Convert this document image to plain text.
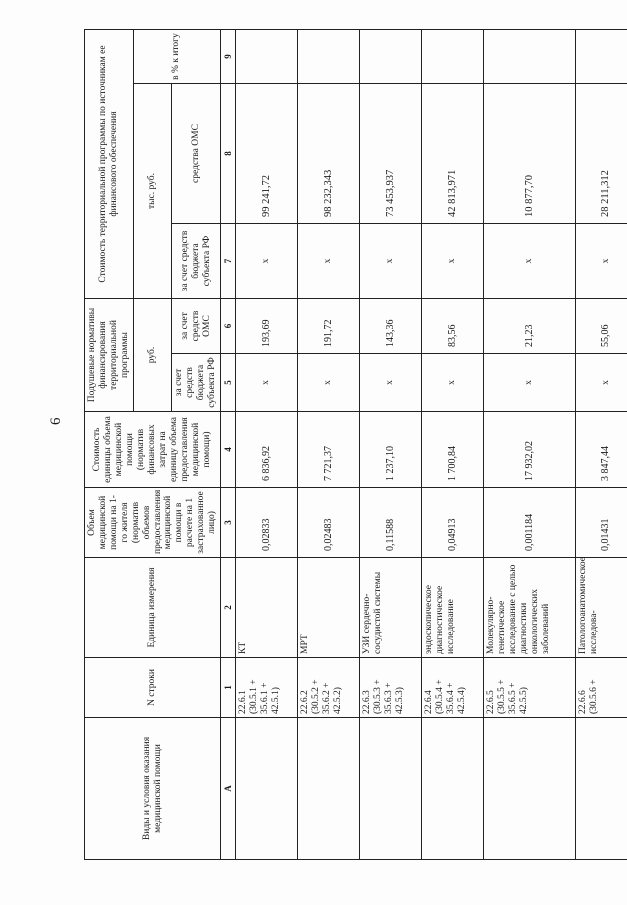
6
Виды и условия оказания медицинской помощи	N строки	Единица измерения	Объем медицинской помощи на 1-го жителя (норматив объемов предоставления медицинской помощи в расчете на 1 застрахованное лицо)	Стоимость единицы объема медицинской помощи (норматив финансовых затрат на единицу объема предоставления медицинской помощи)	Подушевые нормативы финансирования территориальной программы		Стоимость территориальной программы по источникам ее финансового обеспечения		
					руб.		тыс. руб.		в % к итогу
					за счет средств бюджета субъекта РФ	за счет средств ОМС	за счет средств бюджета субъекта РФ	средства ОМС	
А	1	2	3	4	5	6	7	8	9
	22.6.1 (30.5.1 + 35.6.1 + 42.5.1)	КТ	0,02833	6 836,92	х	193,69	х	99 241,72	
	22.6.2 (30.5.2 + 35.6.2 + 42.5.2)	МРТ	0,02483	7 721,37	х	191,72	х	98 232,343	
	22.6.3 (30.5.3 + 35.6.3 + 42.5.3)	УЗИ сердечно-сосудистой системы	0,11588	1 237,10	х	143,36	х	73 453,937	
	22.6.4 (30.5.4 + 35.6.4 + 42.5.4)	эндоскопическое диагностическое исследование	0,04913	1 700,84	х	83,56	х	42 813,971	
	22.6.5 (30.5.5 + 35.6.5 + 42.5.5)	Молекулярно-генетическое исследование с целью диагностики онкологических заболеваний	0,001184	17 932,02	х	21,23	х	10 877,70	
	22.6.6 (30.5.6 +	Патологоанатомическое исследова-	0,01431	3 847,44	х	55,06	х	28 211,312	
